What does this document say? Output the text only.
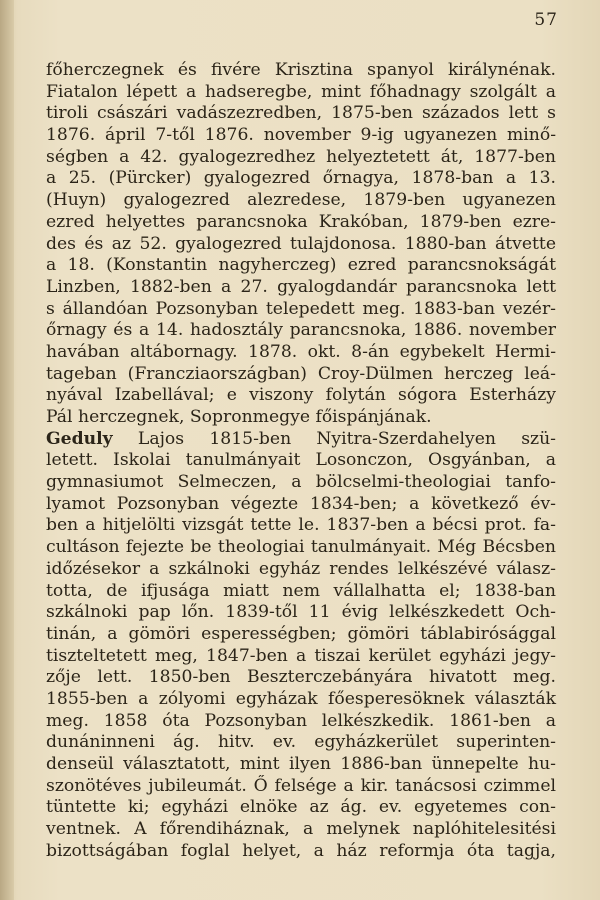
57
főherczegnek és fivére Krisztina spanyol királynénak.
Fiatalon lépett a hadseregbe, mint főhadnagy szolgált a
tiroli császári vadászezredben, 1875-ben százados lett s
1876. ápril 7-től 1876. november 9-ig ugyanezen minő-
ségben a 42. gyalogezredhez helyeztetett át, 1877-ben
a 25. (Pürcker) gyalogezred őrnagya, 1878-ban a 13.
(Huyn) gyalogezred alezredese, 1879-ben ugyanezen
ezred helyettes parancsnoka Krakóban, 1879-ben ezre-
des és az 52. gyalogezred tulajdonosa. 1880-ban átvette
a 18. (Konstantin nagyherczeg) ezred parancsnokságát
Linzben, 1882-ben a 27. gyalogdandár parancsnoka lett
s állandóan Pozsonyban telepedett meg. 1883-ban vezér-
őrnagy és a 14. hadosztály parancsnoka, 1886. november
havában altábornagy. 1878. okt. 8-án egybekelt Hermi-
tageban (Francziaországban) Croy-Dülmen herczeg leá-
nyával Izabellával; e viszony folytán sógora Esterházy
Pál herczegnek, Sopronmegye főispánjának.
Geduly Lajos 1815-ben Nyitra-Szerdahelyen szü-
letett. Iskolai tanulmányait Losonczon, Osgyánban, a
gymnasiumot Selmeczen, a bölcselmi-theologiai tanfo-
lyamot Pozsonyban végezte 1834-ben; a következő év-
ben a hitjelölti vizsgát tette le. 1837-ben a bécsi prot. fa-
cultáson fejezte be theologiai tanulmányait. Még Bécsben
időzésekor a szkálnoki egyház rendes lelkészévé válasz-
totta, de ifjusága miatt nem vállalhatta el; 1838-ban
szkálnoki pap lőn. 1839-től 11 évig lelkészkedett Och-
tinán, a gömöri esperességben; gömöri táblabirósággal
tiszteltetett meg, 1847-ben a tiszai kerület egyházi jegy-
zője lett. 1850-ben Beszterczebányára hivatott meg.
1855-ben a zólyomi egyházak főesperesöknek választák
meg. 1858 óta Pozsonyban lelkészkedik. 1861-ben a
dunáninneni ág. hitv. ev. egyházkerület superinten-
denseül választatott, mint ilyen 1886-ban ünnepelte hu-
szonötéves jubileumát. Ő felsége a kir. tanácsosi czimmel
tüntette ki; egyházi elnöke az ág. ev. egyetemes con-
ventnek. A főrendiháznak, a melynek naplóhitelesitési
bizottságában foglal helyet, a ház reformja óta tagja,
